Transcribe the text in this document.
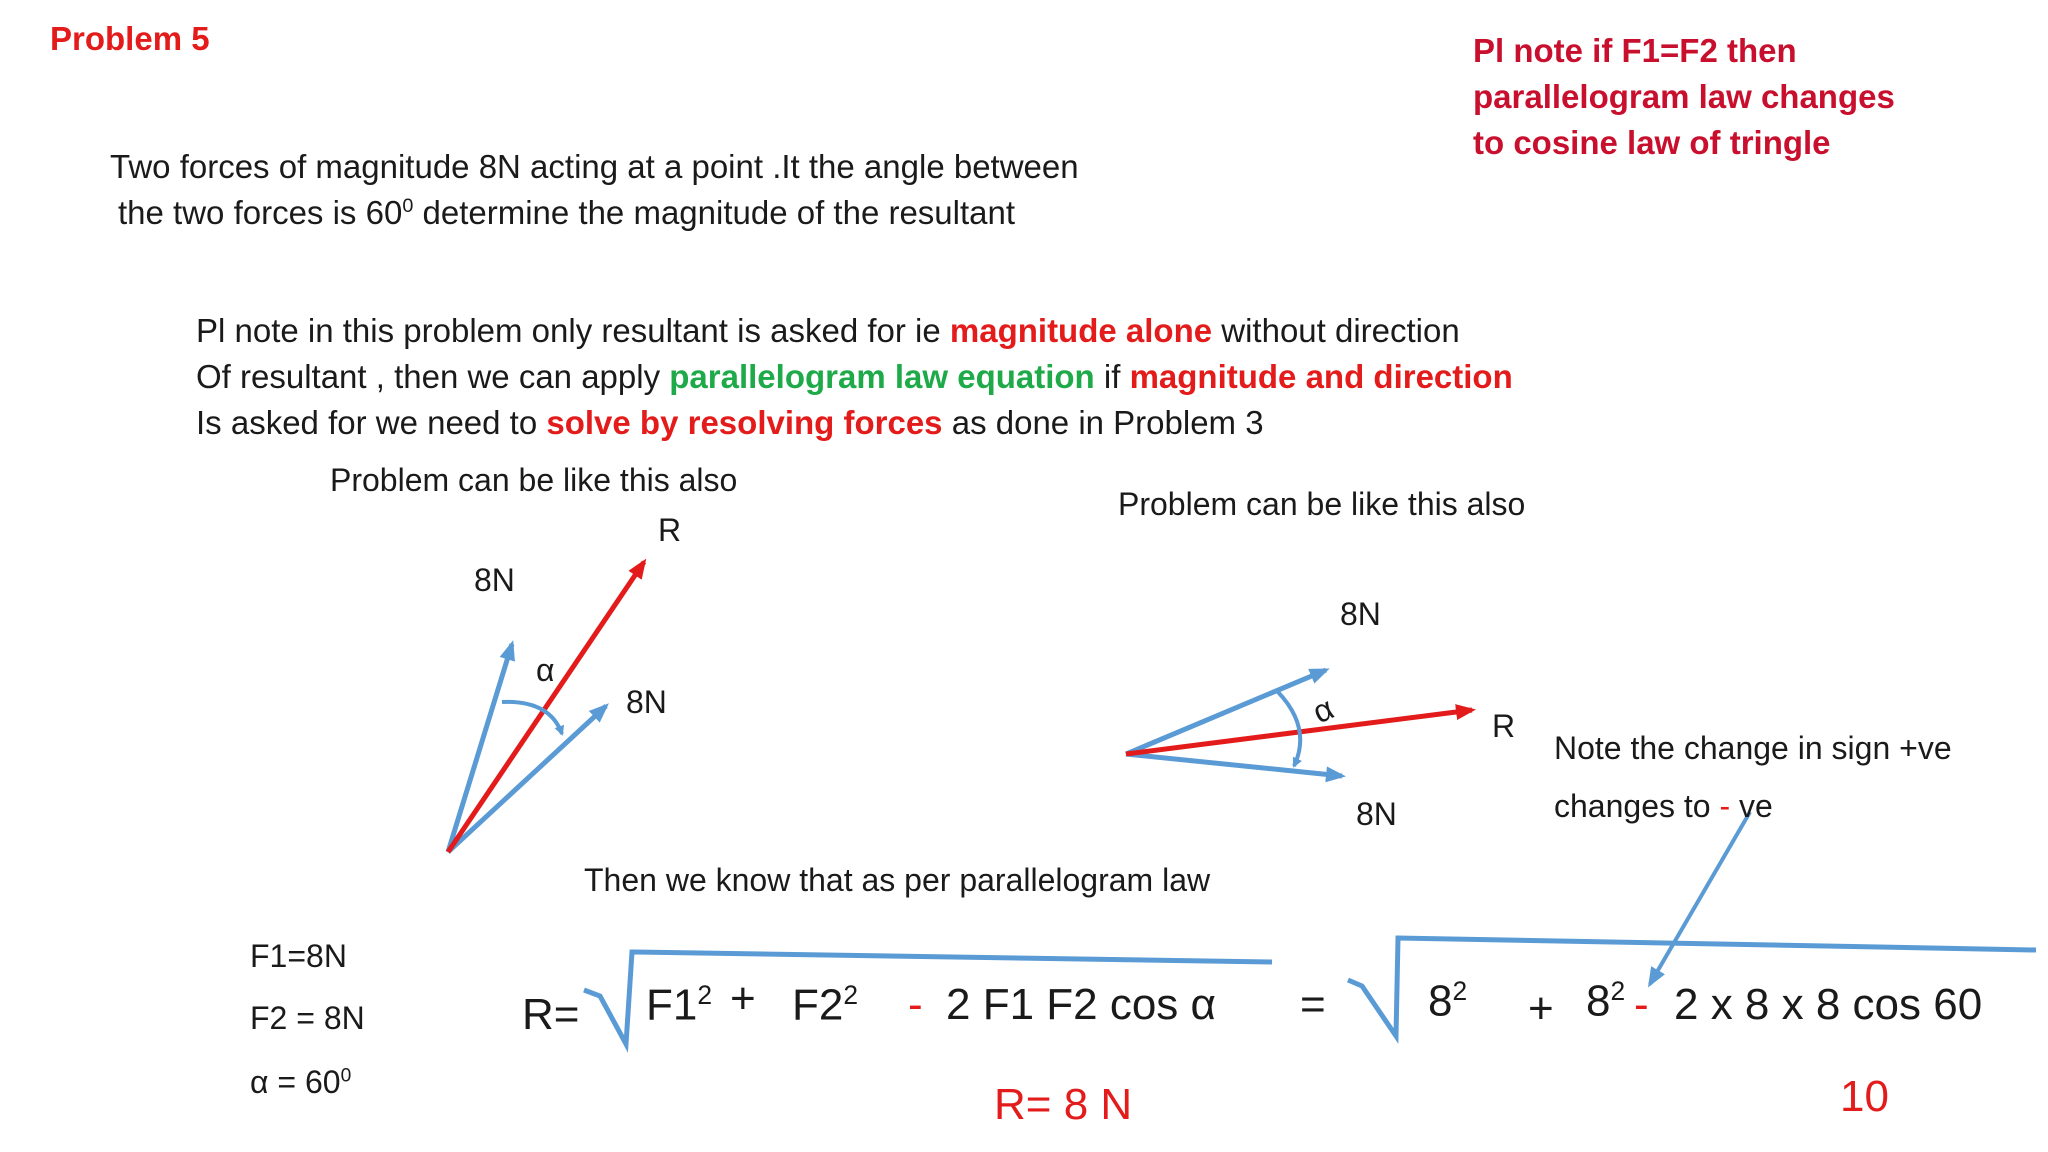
Problem 5	Pl note if F1=F2 then
parallelogram law changes
to cosine law of tringle
Two forces of magnitude 8N acting at a point .It the angle between
the two forces is $60^0$ determine the magnitude of the resultant
Pl note in this problem only resultant is asked for ie magnitude alone without direction
Of resultant , then we can apply parallelogram law equation if magnitude and direction
Is asked for we need to solve by resolving forces as done in Problem 3
Problem can be like this also
Problem can be like this also
R
8N
8N
α
R
8N
8N
α
Note the change in sign +ve
changes to - ve
Then we know that as per parallelogram law
F1=8N
F2 = 8N
$\alpha = 60^0$
$R= F1^2 + F2^2 - 2$ F1 F2 $\cos \alpha = 8^2 + 8^2 - 2$ x 8 x 8 cos 60
R= 8 N	10
